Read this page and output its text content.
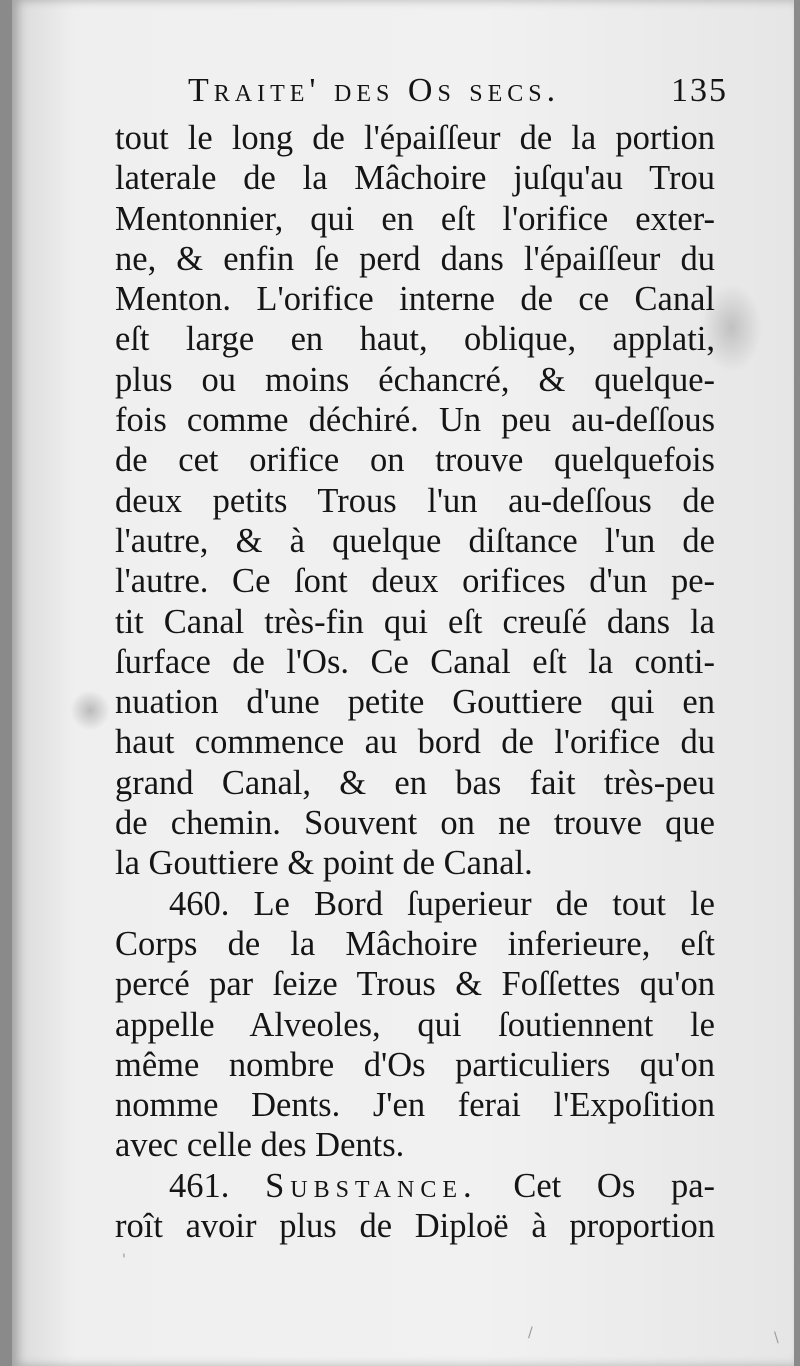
Traite' des Os secs.	135
tout le long de l'épaiſſeur de la portion
laterale de la Mâchoire juſqu'au Trou
Mentonnier, qui en eſt l'orifice exter-
ne, & enfin ſe perd dans l'épaiſſeur du
Menton. L'orifice interne de ce Canal
eſt large en haut, oblique, applati,
plus ou moins échancré, & quelque-
fois comme déchiré. Un peu au-deſſous
de cet orifice on trouve quelquefois
deux petits Trous l'un au-deſſous de
l'autre, & à quelque diſtance l'un de
l'autre. Ce ſont deux orifices d'un pe-
tit Canal très-fin qui eſt creuſé dans la
ſurface de l'Os. Ce Canal eſt la conti-
nuation d'une petite Gouttiere qui en
haut commence au bord de l'orifice du
grand Canal, & en bas fait très-peu
de chemin. Souvent on ne trouve que
la Gouttiere & point de Canal.
460. Le Bord ſuperieur de tout le
Corps de la Mâchoire inferieure, eſt
percé par ſeize Trous & Foſſettes qu'on
appelle Alveoles, qui ſoutiennent le
même nombre d'Os particuliers qu'on
nomme Dents. J'en ferai l'Expoſition
avec celle des Dents.
461. Substance. Cet Os pa-
roît avoir plus de Diploë à proportion
'
/	\
